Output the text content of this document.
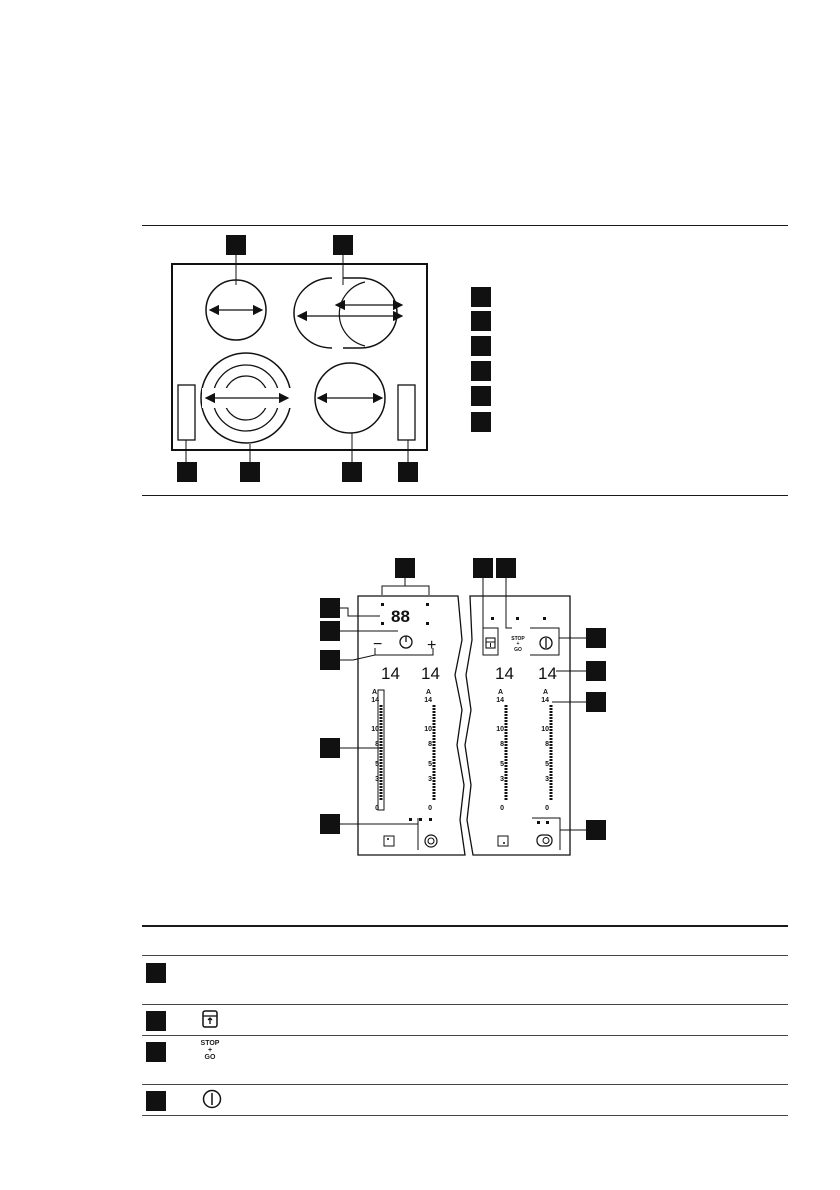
A
14
10
8
5
3
0
A
14
10
8
5
3
0
A
14
10
8
5
3
0
A
14
10
8
5
3
0
88
14 14	14 14
−	+	STOP
+
GO
STOP
+
GO
